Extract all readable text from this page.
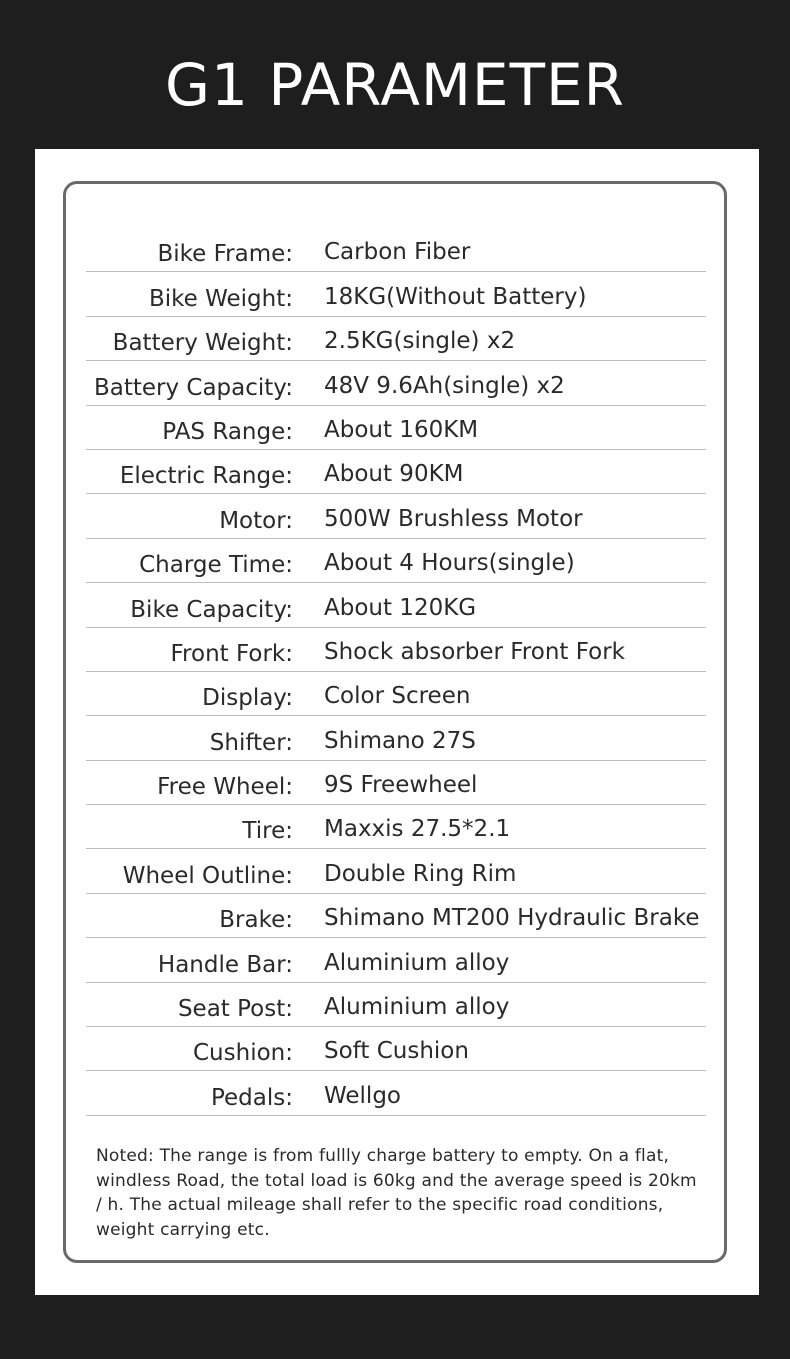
G1 PARAMETER
Bike Frame: Carbon Fiber
Bike Weight: 18KG(Without Battery)
Battery Weight: 2.5KG(single) x2
Battery Capacity: 48V 9.6Ah(single) x2
PAS Range: About 160KM
Electric Range: About 90KM
Motor: 500W Brushless Motor
Charge Time: About 4 Hours(single)
Bike Capacity: About 120KG
Front Fork: Shock absorber Front Fork
Display: Color Screen
Shifter: Shimano 27S
Free Wheel: 9S Freewheel
Tire: Maxxis 27.5*2.1
Wheel Outline: Double Ring Rim
Brake: Shimano MT200 Hydraulic Brake
Handle Bar: Aluminium alloy
Seat Post: Aluminium alloy
Cushion: Soft Cushion
Pedals: Wellgo
Noted: The range is from fullly charge battery to empty. On a flat, windless Road, the total load is 60kg and the average speed is 20km / h. The actual mileage shall refer to the specific road conditions, weight carrying etc.
